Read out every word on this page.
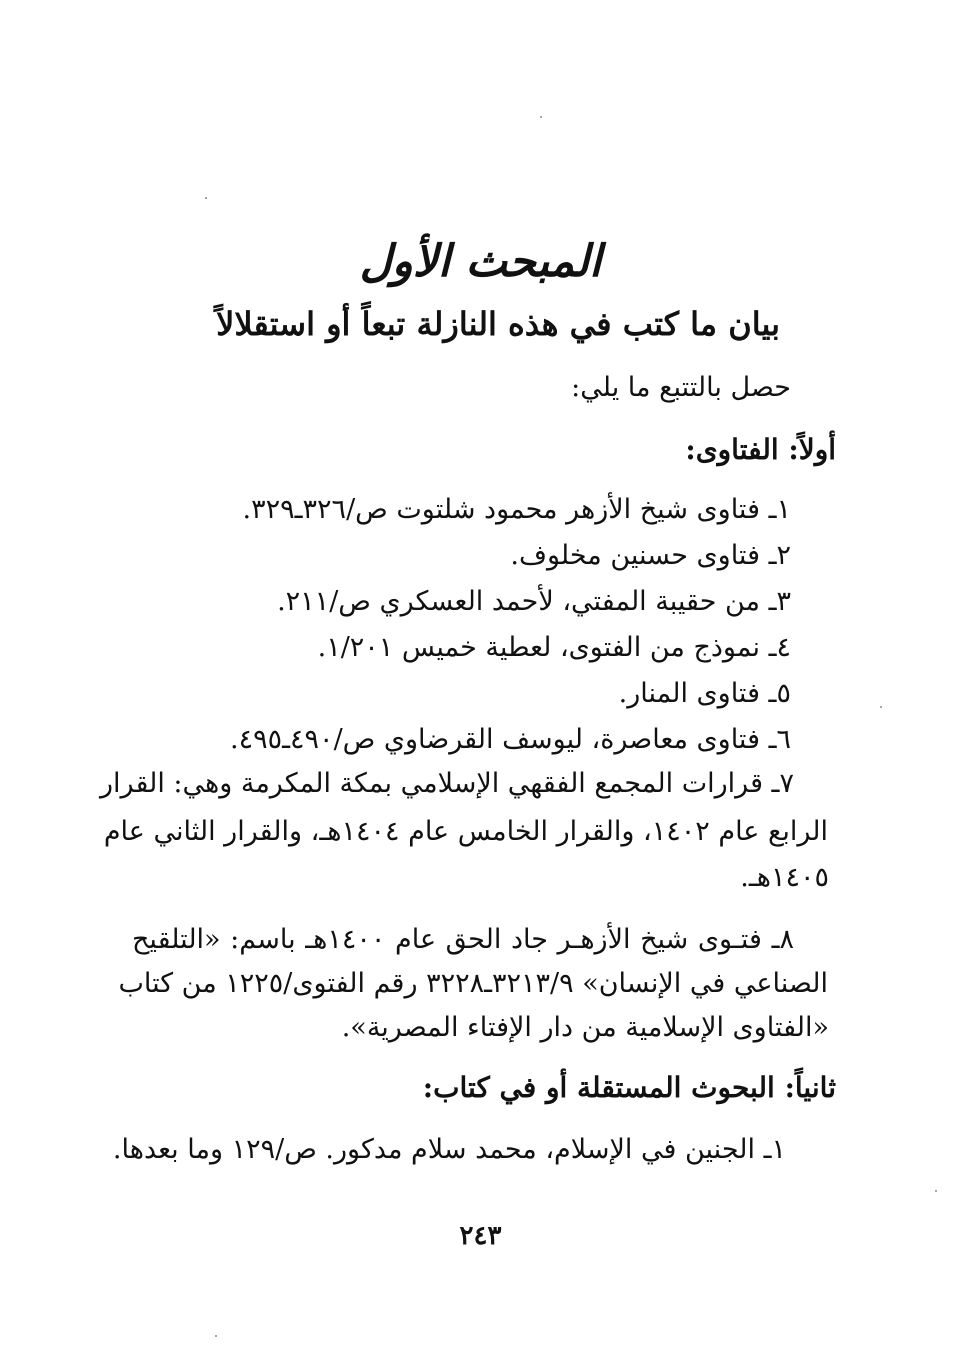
المبحث الأول
بيان ما كتب في هذه النازلة تبعاً أو استقلالاً
حصل بالتتبع ما يلي:
أولاً: الفتاوى:
١ـ فتاوى شيخ الأزهر محمود شلتوت ص/٣٢٦ـ٣٢٩.
٢ـ فتاوى حسنين مخلوف.
٣ـ من حقيبة المفتي، لأحمد العسكري ص/٢١١.
٤ـ نموذج من الفتوى، لعطية خميس ١/٢٠١.
٥ـ فتاوى المنار.
٦ـ فتاوى معاصرة، ليوسف القرضاوي ص/٤٩٠ـ٤٩٥.
٧ـ قرارات المجمع الفقهي الإسلامي بمكة المكرمة وهي: القرار
الرابع عام ١٤٠٢، والقرار الخامس عام ١٤٠٤هـ، والقرار الثاني عام
١٤٠٥هـ.
٨ـ فتـوى شيخ الأزهـر جاد الحق عام ١٤٠٠هـ باسم: «التلقيح
الصناعي في الإنسان» ٣٢١٣/٩ـ٣٢٢٨ رقم الفتوى/١٢٢٥ من كتاب
«الفتاوى الإسلامية من دار الإفتاء المصرية».
ثانياً: البحوث المستقلة أو في كتاب:
١ـ الجنين في الإسلام، محمد سلام مدكور. ص/١٢٩ وما بعدها.
٢٤٣
